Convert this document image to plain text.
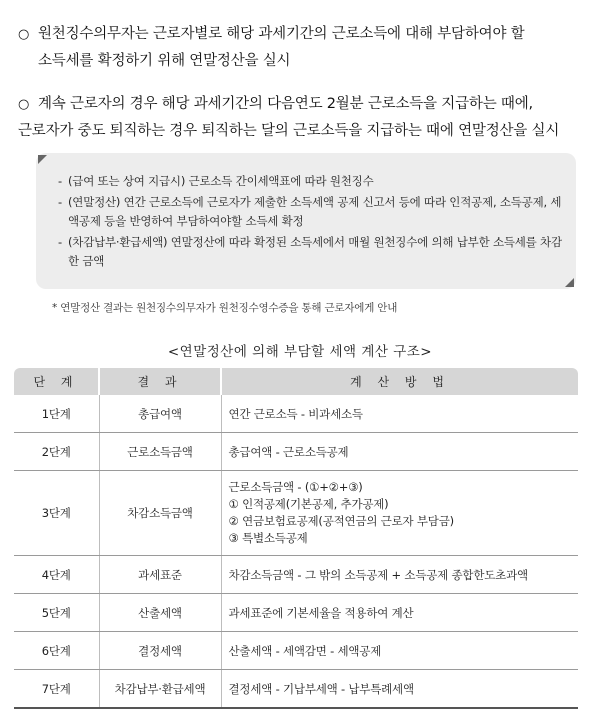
○ 원천징수의무자는 근로자별로 해당 과세기간의 근로소득에 대해 부담하여야 할
소득세를 확정하기 위해 연말정산을 실시
○ 계속 근로자의 경우 해당 과세기간의 다음연도 2월분 근로소득을 지급하는 때에,
근로자가 중도 퇴직하는 경우 퇴직하는 달의 근로소득을 지급하는 때에 연말정산을 실시
- (급여 또는 상여 지급시) 근로소득 간이세액표에 따라 원천징수
- (연말정산) 연간 근로소득에 근로자가 제출한 소득세액 공제 신고서 등에 따라 인적공제, 소득공제, 세액공제 등을 반영하여 부담하여야할 소득세 확정
- (차감납부‧환급세액) 연말정산에 따라 확정된 소득세에서 매월 원천징수에 의해 납부한 소득세를 차감한 금액
* 연말정산 결과는 원천징수의무자가 원천징수영수증을 통해 근로자에게 안내
<연말정산에 의해 부담할 세액 계산 구조>
단 계	결 과	계 산 방 법
1단계	총급여액	연간 근로소득 - 비과세소득
2단계	근로소득금액	총급여액 - 근로소득공제
3단계	차감소득금액	근로소득금액 - (①+②+③)
① 인적공제(기본공제, 추가공제)
② 연금보험료공제(공적연금의 근로자 부담금)
③ 특별소득공제

4단계	과세표준	차감소득금액 - 그 밖의 소득공제 + 소득공제 종합한도초과액
5단계	산출세액	과세표준에 기본세율을 적용하여 계산
6단계	결정세액	산출세액 - 세액감면 - 세액공제
7단계	차감납부‧환급세액	결정세액 - 기납부세액 - 납부특례세액
